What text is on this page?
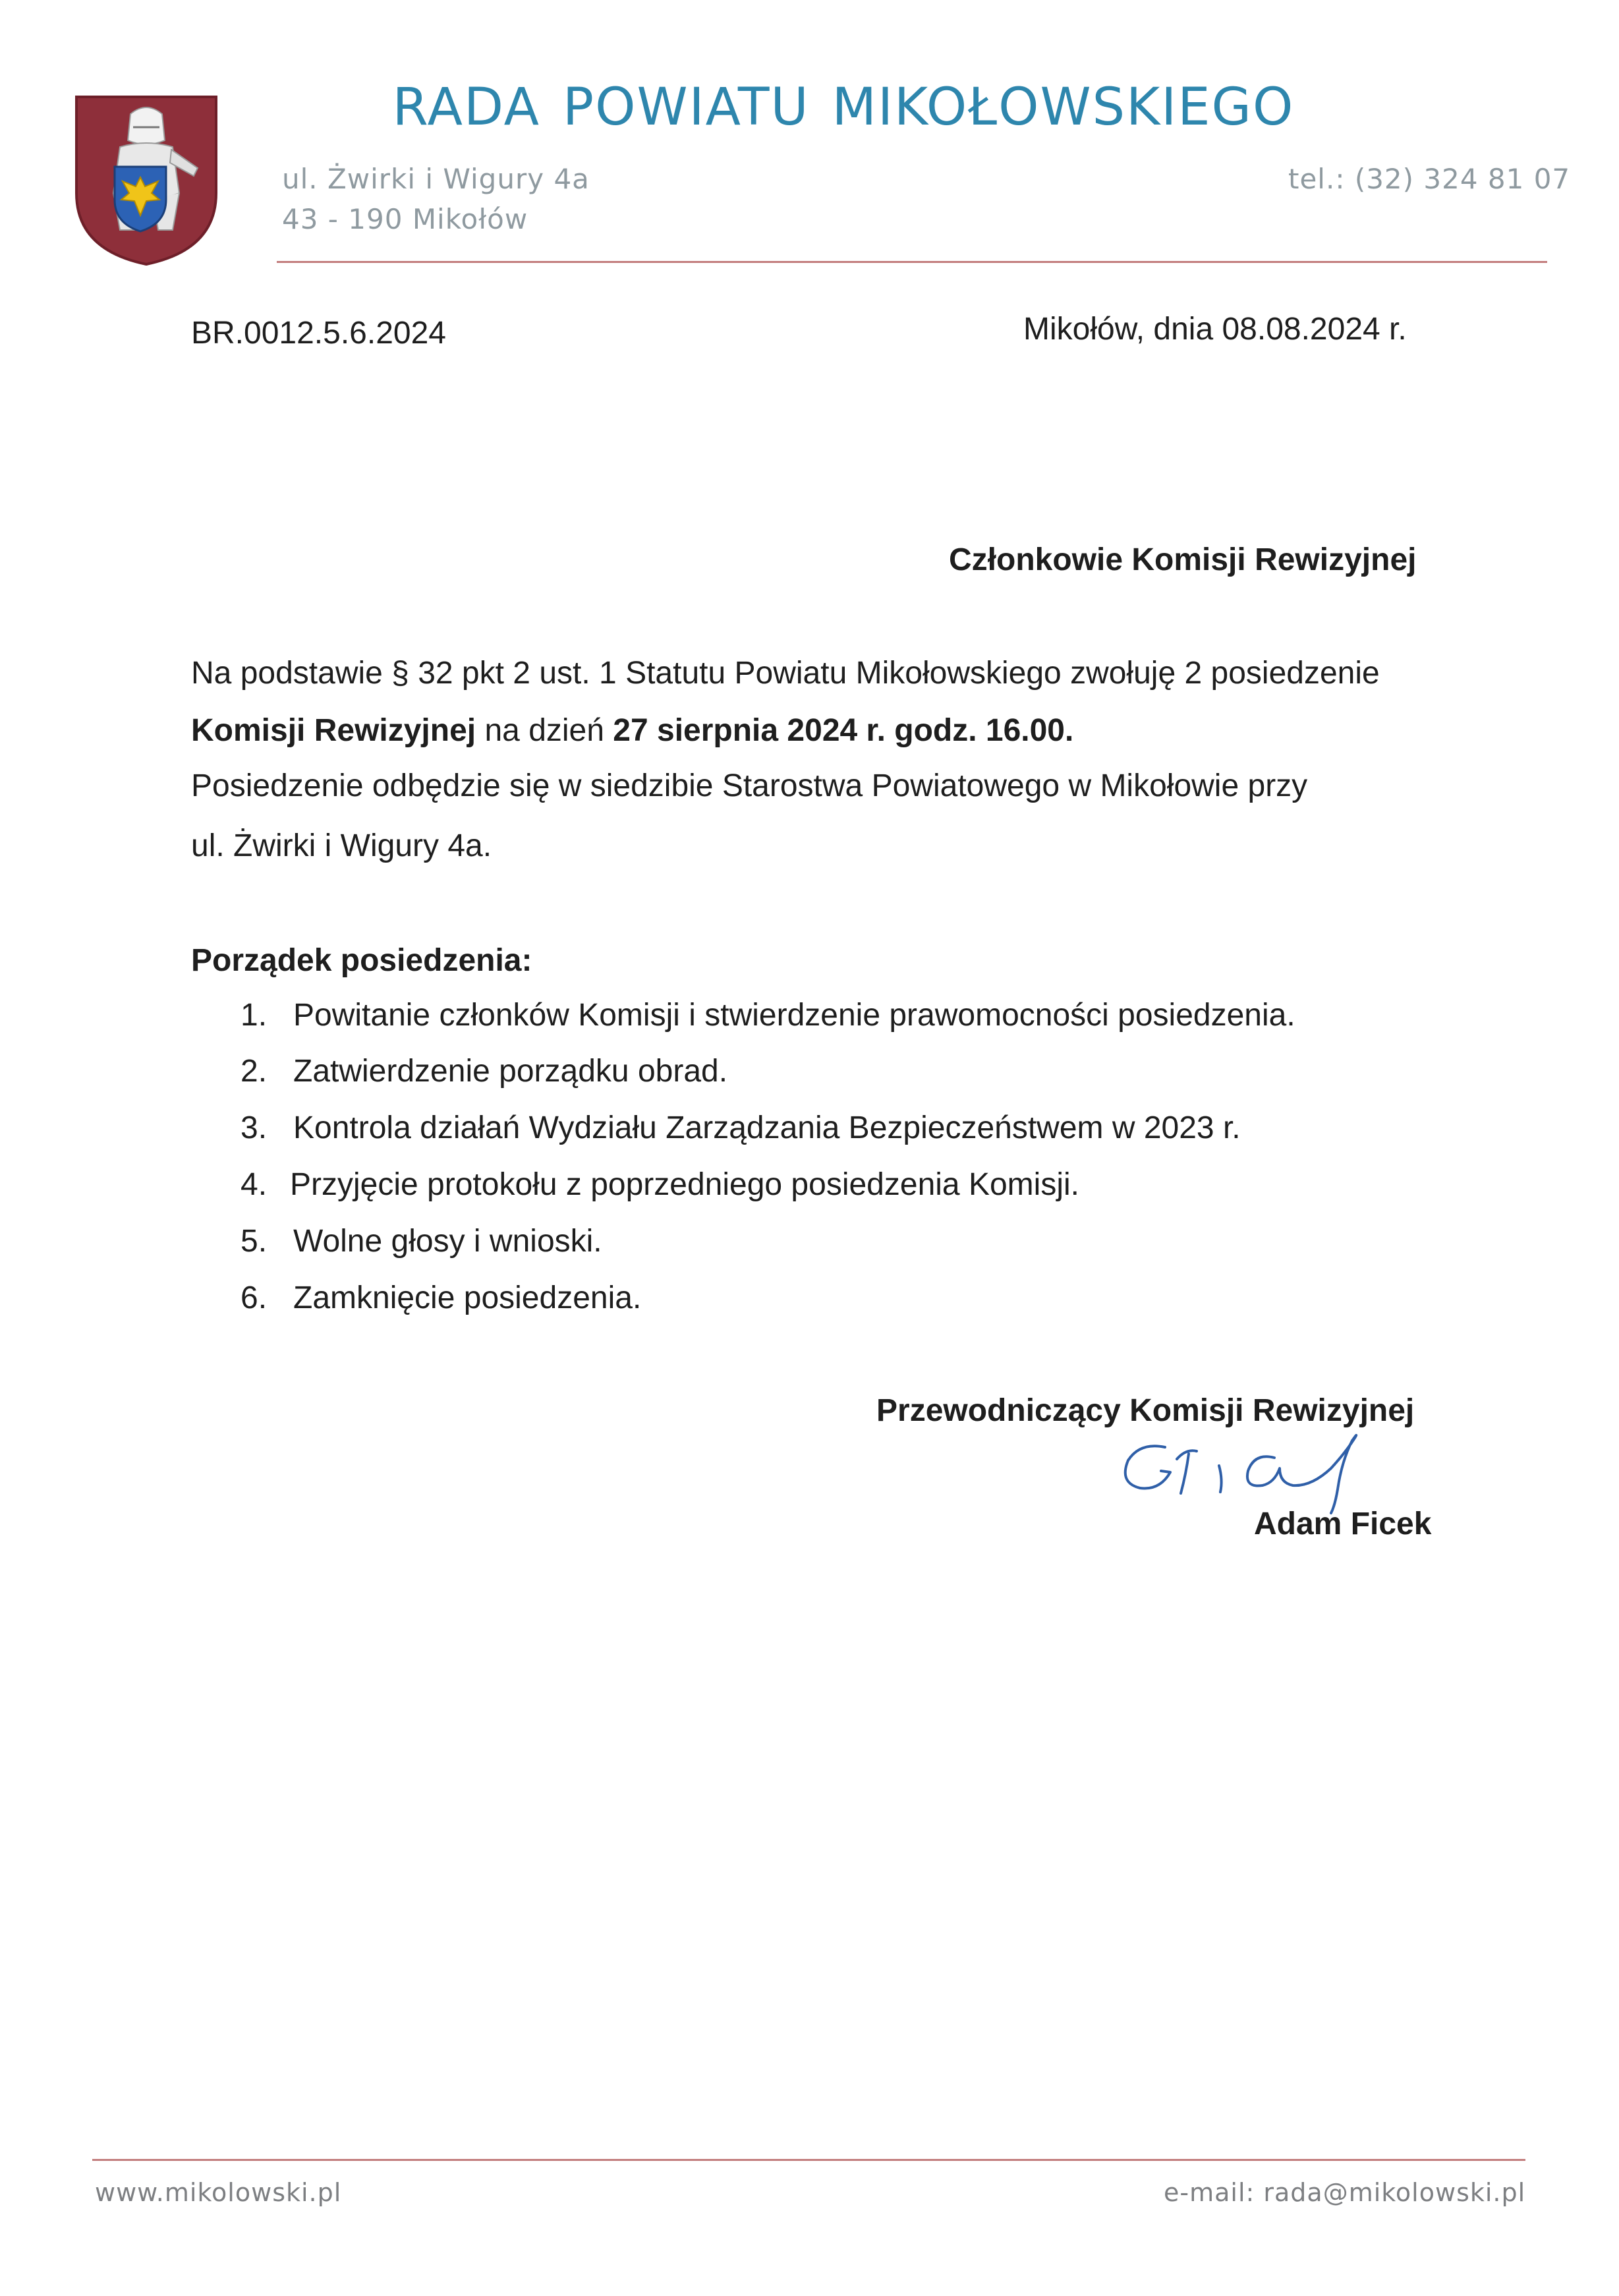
RADA POWIATU MIKOŁOWSKIEGO
ul. Żwirki i Wigury 4a
43 - 190 Mikołów
tel.: (32) 324 81 07
BR.0012.5.6.2024	Mikołów, dnia 08.08.2024 r.
Członkowie Komisji Rewizyjnej
Na podstawie § 32 pkt 2 ust. 1 Statutu Powiatu Mikołowskiego zwołuję 2 posiedzenie
Komisji Rewizyjnej na dzień 27 sierpnia 2024 r. godz. 16.00.
Posiedzenie odbędzie się w siedzibie Starostwa Powiatowego w Mikołowie przy
ul. Żwirki i Wigury 4a.
Porządek posiedzenia:
1. Powitanie członków Komisji i stwierdzenie prawomocności posiedzenia.
2. Zatwierdzenie porządku obrad.
3. Kontrola działań Wydziału Zarządzania Bezpieczeństwem w 2023 r.
4. Przyjęcie protokołu z poprzedniego posiedzenia Komisji.
5. Wolne głosy i wnioski.
6. Zamknięcie posiedzenia.
Przewodniczący Komisji Rewizyjnej
Adam Ficek
www.mikolowski.pl	e-mail: rada@mikolowski.pl
